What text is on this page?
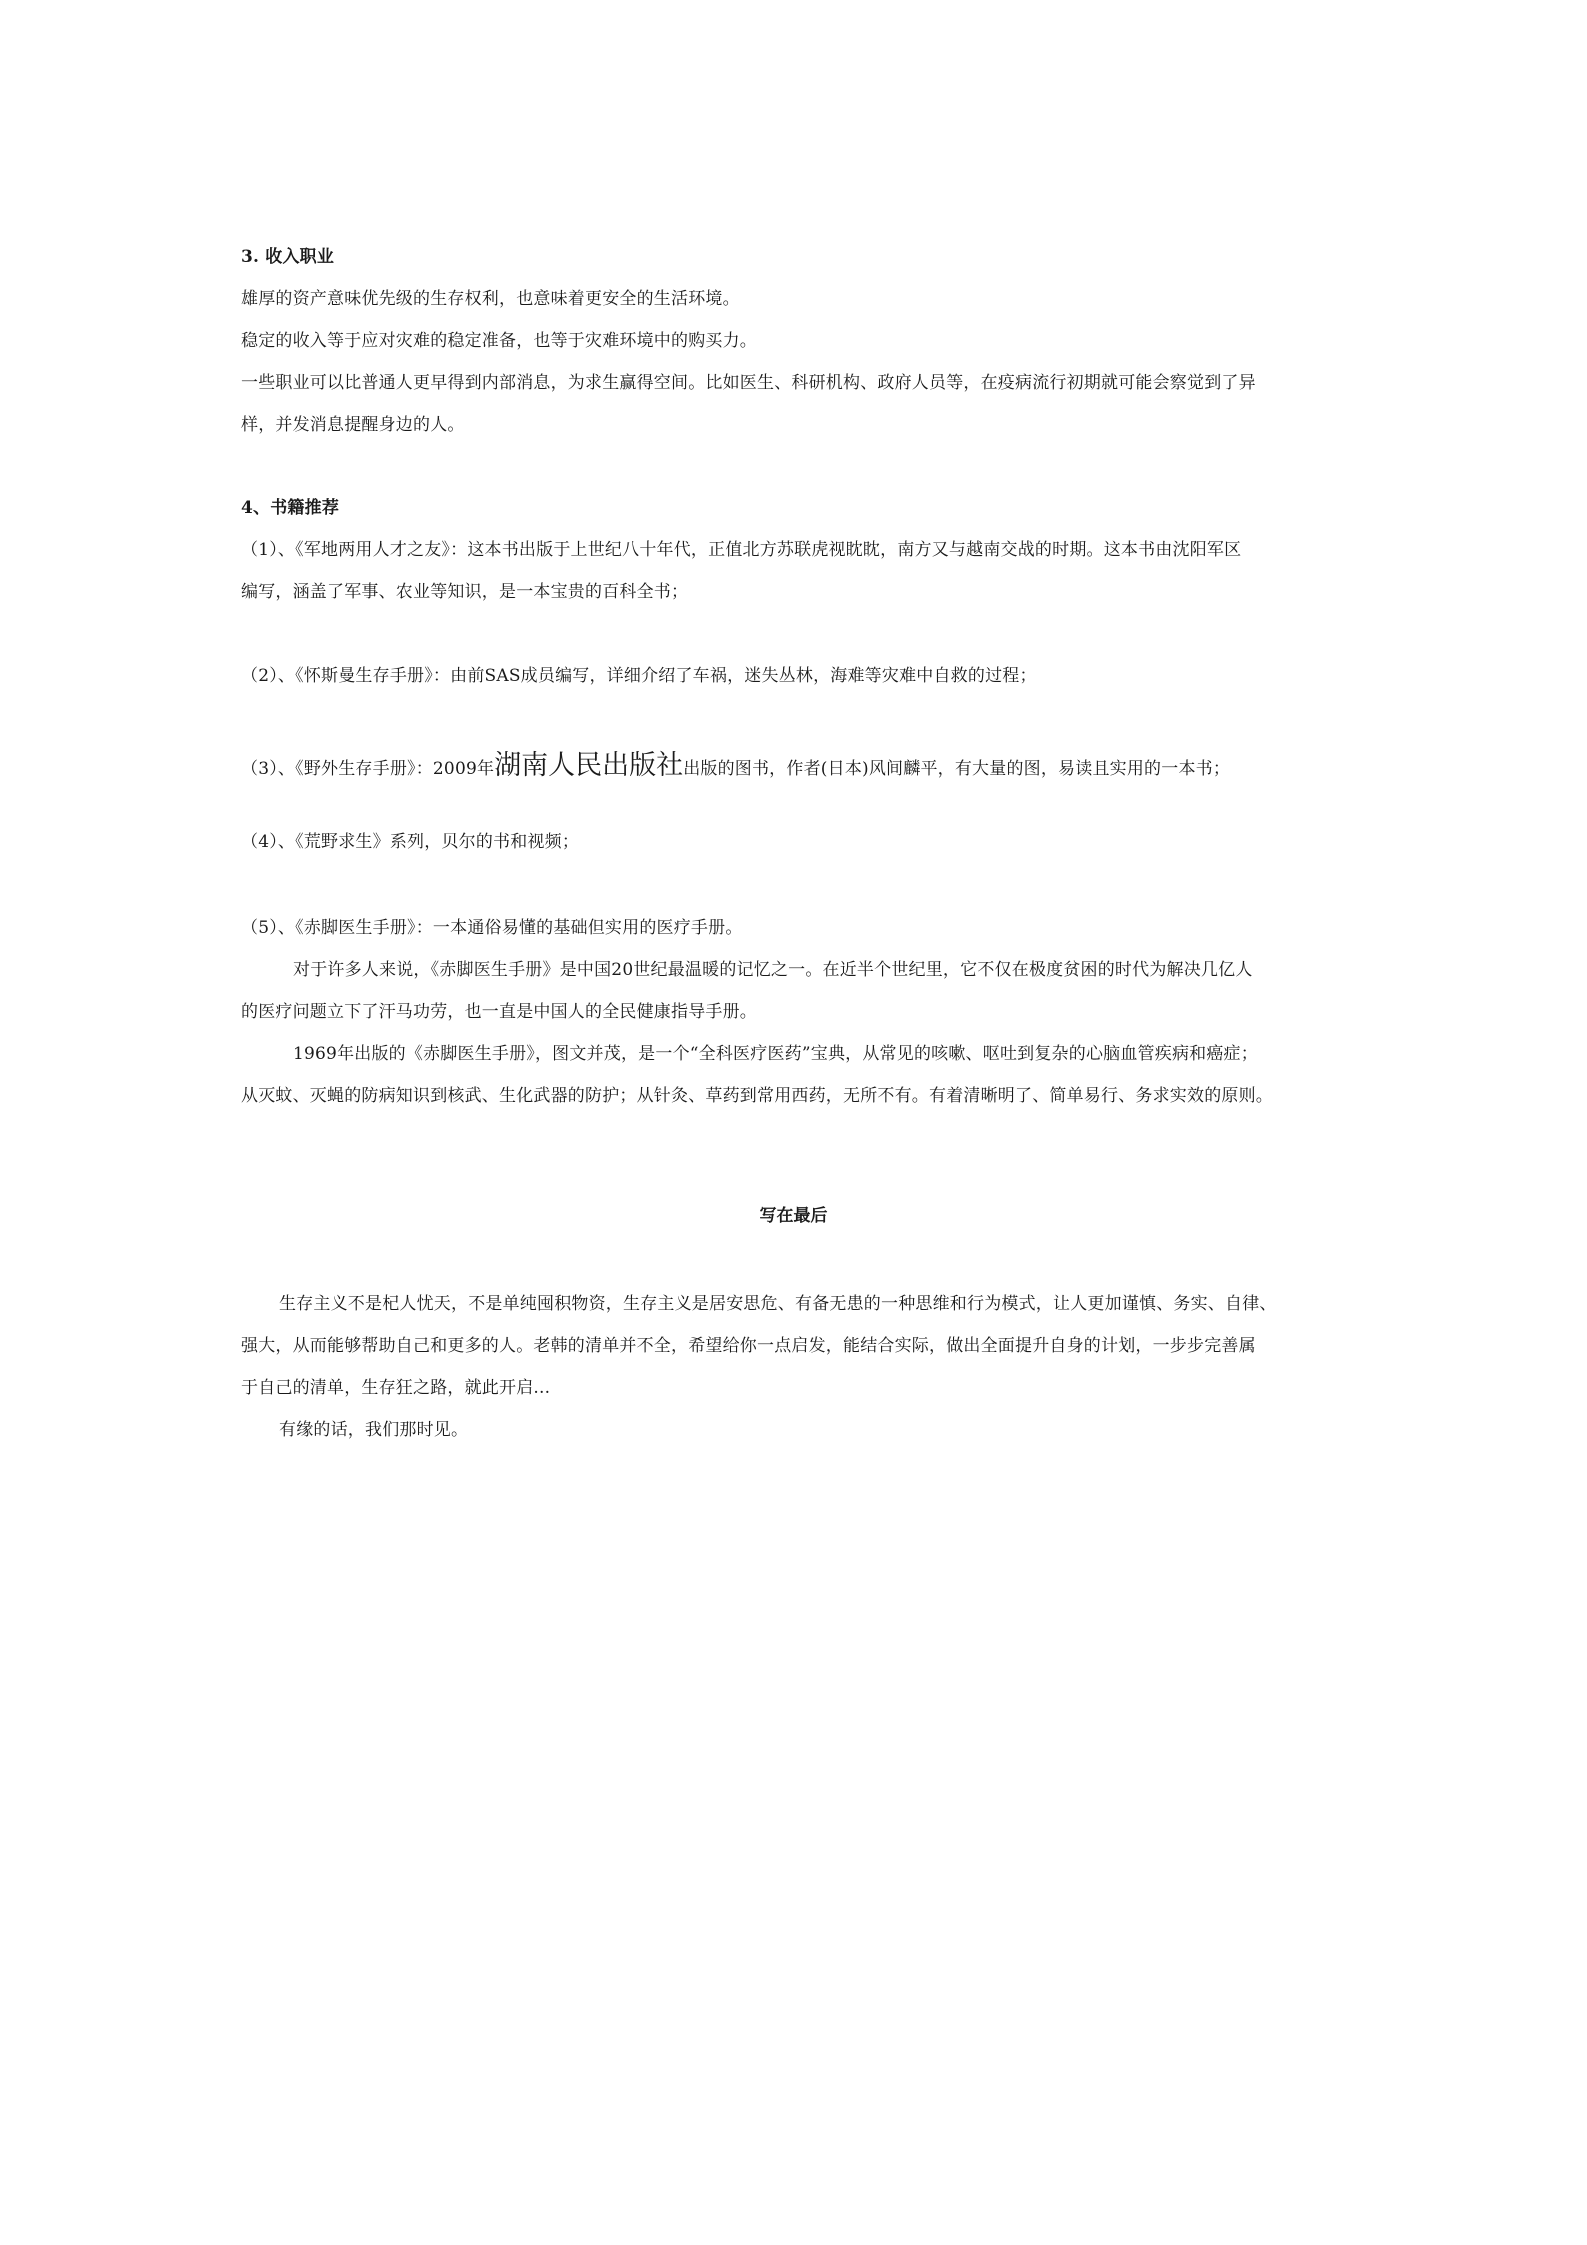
3. 收入职业
雄厚的资产意味优先级的生存权利，也意味着更安全的生活环境。
稳定的收入等于应对灾难的稳定准备，也等于灾难环境中的购买力。
一些职业可以比普通人更早得到内部消息，为求生赢得空间。比如医生、科研机构、政府人员等，在疫病流行初期就可能会察觉到了异
样，并发消息提醒身边的人。
4、书籍推荐
（1）、《军地两用人才之友》：这本书出版于上世纪八十年代，正值北方苏联虎视眈眈，南方又与越南交战的时期。这本书由沈阳军区
编写，涵盖了军事、农业等知识，是一本宝贵的百科全书；
（2）、《怀斯曼生存手册》：由前SAS成员编写，详细介绍了车祸，迷失丛林，海难等灾难中自救的过程；
（3）、《野外生存手册》：2009年湖南人民出版社出版的图书，作者(日本)风间麟平，有大量的图，易读且实用的一本书；
（4）、《荒野求生》系列，贝尔的书和视频；
（5）、《赤脚医生手册》：一本通俗易懂的基础但实用的医疗手册。
对于许多人来说，《赤脚医生手册》是中国20世纪最温暖的记忆之一。在近半个世纪里，它不仅在极度贫困的时代为解决几亿人
的医疗问题立下了汗马功劳，也一直是中国人的全民健康指导手册。
1969年出版的《赤脚医生手册》，图文并茂，是一个“全科医疗医药”宝典，从常见的咳嗽、呕吐到复杂的心脑血管疾病和癌症；
从灭蚊、灭蝇的防病知识到核武、生化武器的防护；从针灸、草药到常用西药，无所不有。有着清晰明了、简单易行、务求实效的原则。
写在最后
生存主义不是杞人忧天，不是单纯囤积物资，生存主义是居安思危、有备无患的一种思维和行为模式，让人更加谨慎、务实、自律、
强大，从而能够帮助自己和更多的人。老韩的清单并不全，希望给你一点启发，能结合实际，做出全面提升自身的计划，一步步完善属
于自己的清单，生存狂之路，就此开启...
有缘的话，我们那时见。
